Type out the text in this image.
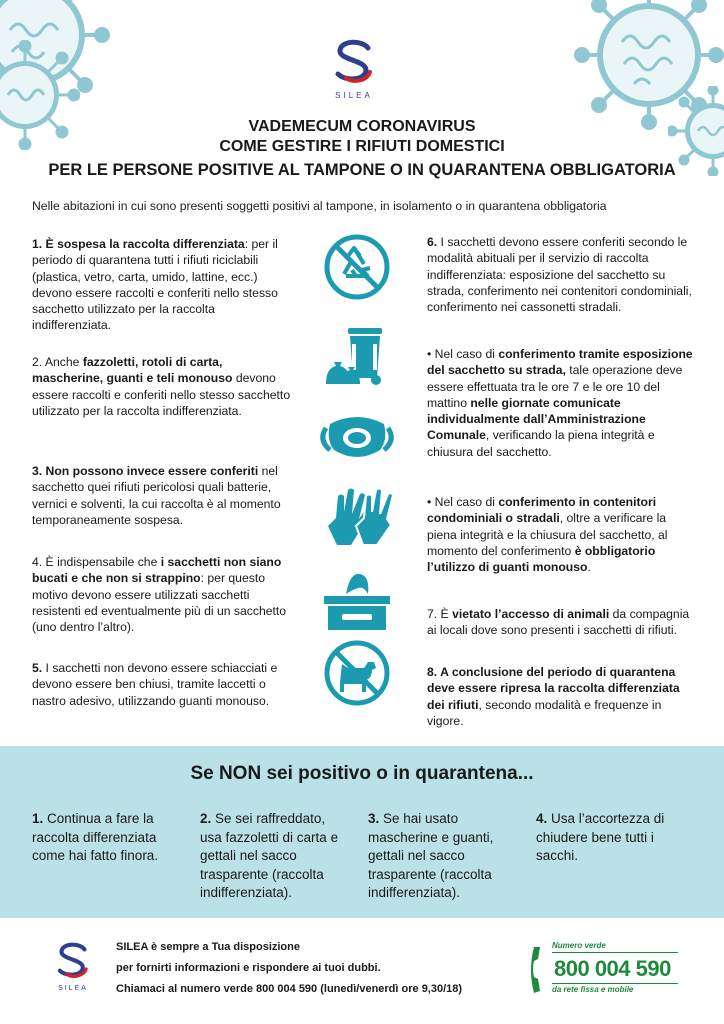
SILEA
VADEMECUM CORONAVIRUS
COME GESTIRE I RIFIUTI DOMESTICI
PER LE PERSONE POSITIVE AL TAMPONE O IN QUARANTENA OBBLIGATORIA
Nelle abitazioni in cui sono presenti soggetti positivi al tampone, in isolamento o in quarantena obbligatoria

1. È sospesa la raccolta differenziata: per il periodo di quarantena tutti i rifiuti riciclabili (plastica, vetro, carta, umido, lattine, ecc.) devono essere raccolti e conferiti nello stesso sacchetto utilizzato per la raccolta indifferenziata.

2. Anche fazzoletti, rotoli di carta, mascherine, guanti e teli monouso devono essere raccolti e conferiti nello stesso sacchetto utilizzato per la raccolta indifferenziata.

3. Non possono invece essere conferiti nel sacchetto quei rifiuti pericolosi quali batterie, vernici e solventi, la cui raccolta è al momento temporaneamente sospesa.

4. È indispensabile che i sacchetti non siano bucati e che non si strappino: per questo motivo devono essere utilizzati sacchetti resistenti ed eventualmente più di un sacchetto (uno dentro l’altro).

5. I sacchetti non devono essere schiacciati e devono essere ben chiusi, tramite laccetti o nastro adesivo, utilizzando guanti monouso.

6. I sacchetti devono essere conferiti secondo le modalità abituali per il servizio di raccolta indifferenziata: esposizione del sacchetto su strada, conferimento nei contenitori condominiali, conferimento nei cassonetti stradali.

• Nel caso di conferimento tramite esposizione del sacchetto su strada, tale operazione deve essere effettuata tra le ore 7 e le ore 10 del mattino nelle giornate comunicate individualmente dall’Amministrazione Comunale, verificando la piena integrità e chiusura del sacchetto.

• Nel caso di conferimento in contenitori condominiali o stradali, oltre a verificare la piena integrità e la chiusura del sacchetto, al momento del conferimento è obbligatorio l’utilizzo di guanti monouso.

7. È vietato l’accesso di animali da compagnia ai locali dove sono presenti i sacchetti di rifiuti.

8. A conclusione del periodo di quarantena deve essere ripresa la raccolta differenziata dei rifiuti, secondo modalità e frequenze in vigore.

Se NON sei positivo o in quarantena...
1. Continua a fare la raccolta differenziata come hai fatto finora.
2. Se sei raffreddato, usa fazzoletti di carta e gettali nel sacco trasparente (raccolta indifferenziata).
3. Se hai usato mascherine e guanti, gettali nel sacco trasparente (raccolta indifferenziata).
4. Usa l’accortezza di chiudere bene tutti i sacchi.
SILEA
SILEA è sempre a Tua disposizione
per fornirti informazioni e rispondere ai tuoi dubbi.
Chiamaci al numero verde 800 004 590 (lunedì/venerdì ore 9,30/18)
Numero verde
800 004 590
da rete fissa e mobile
